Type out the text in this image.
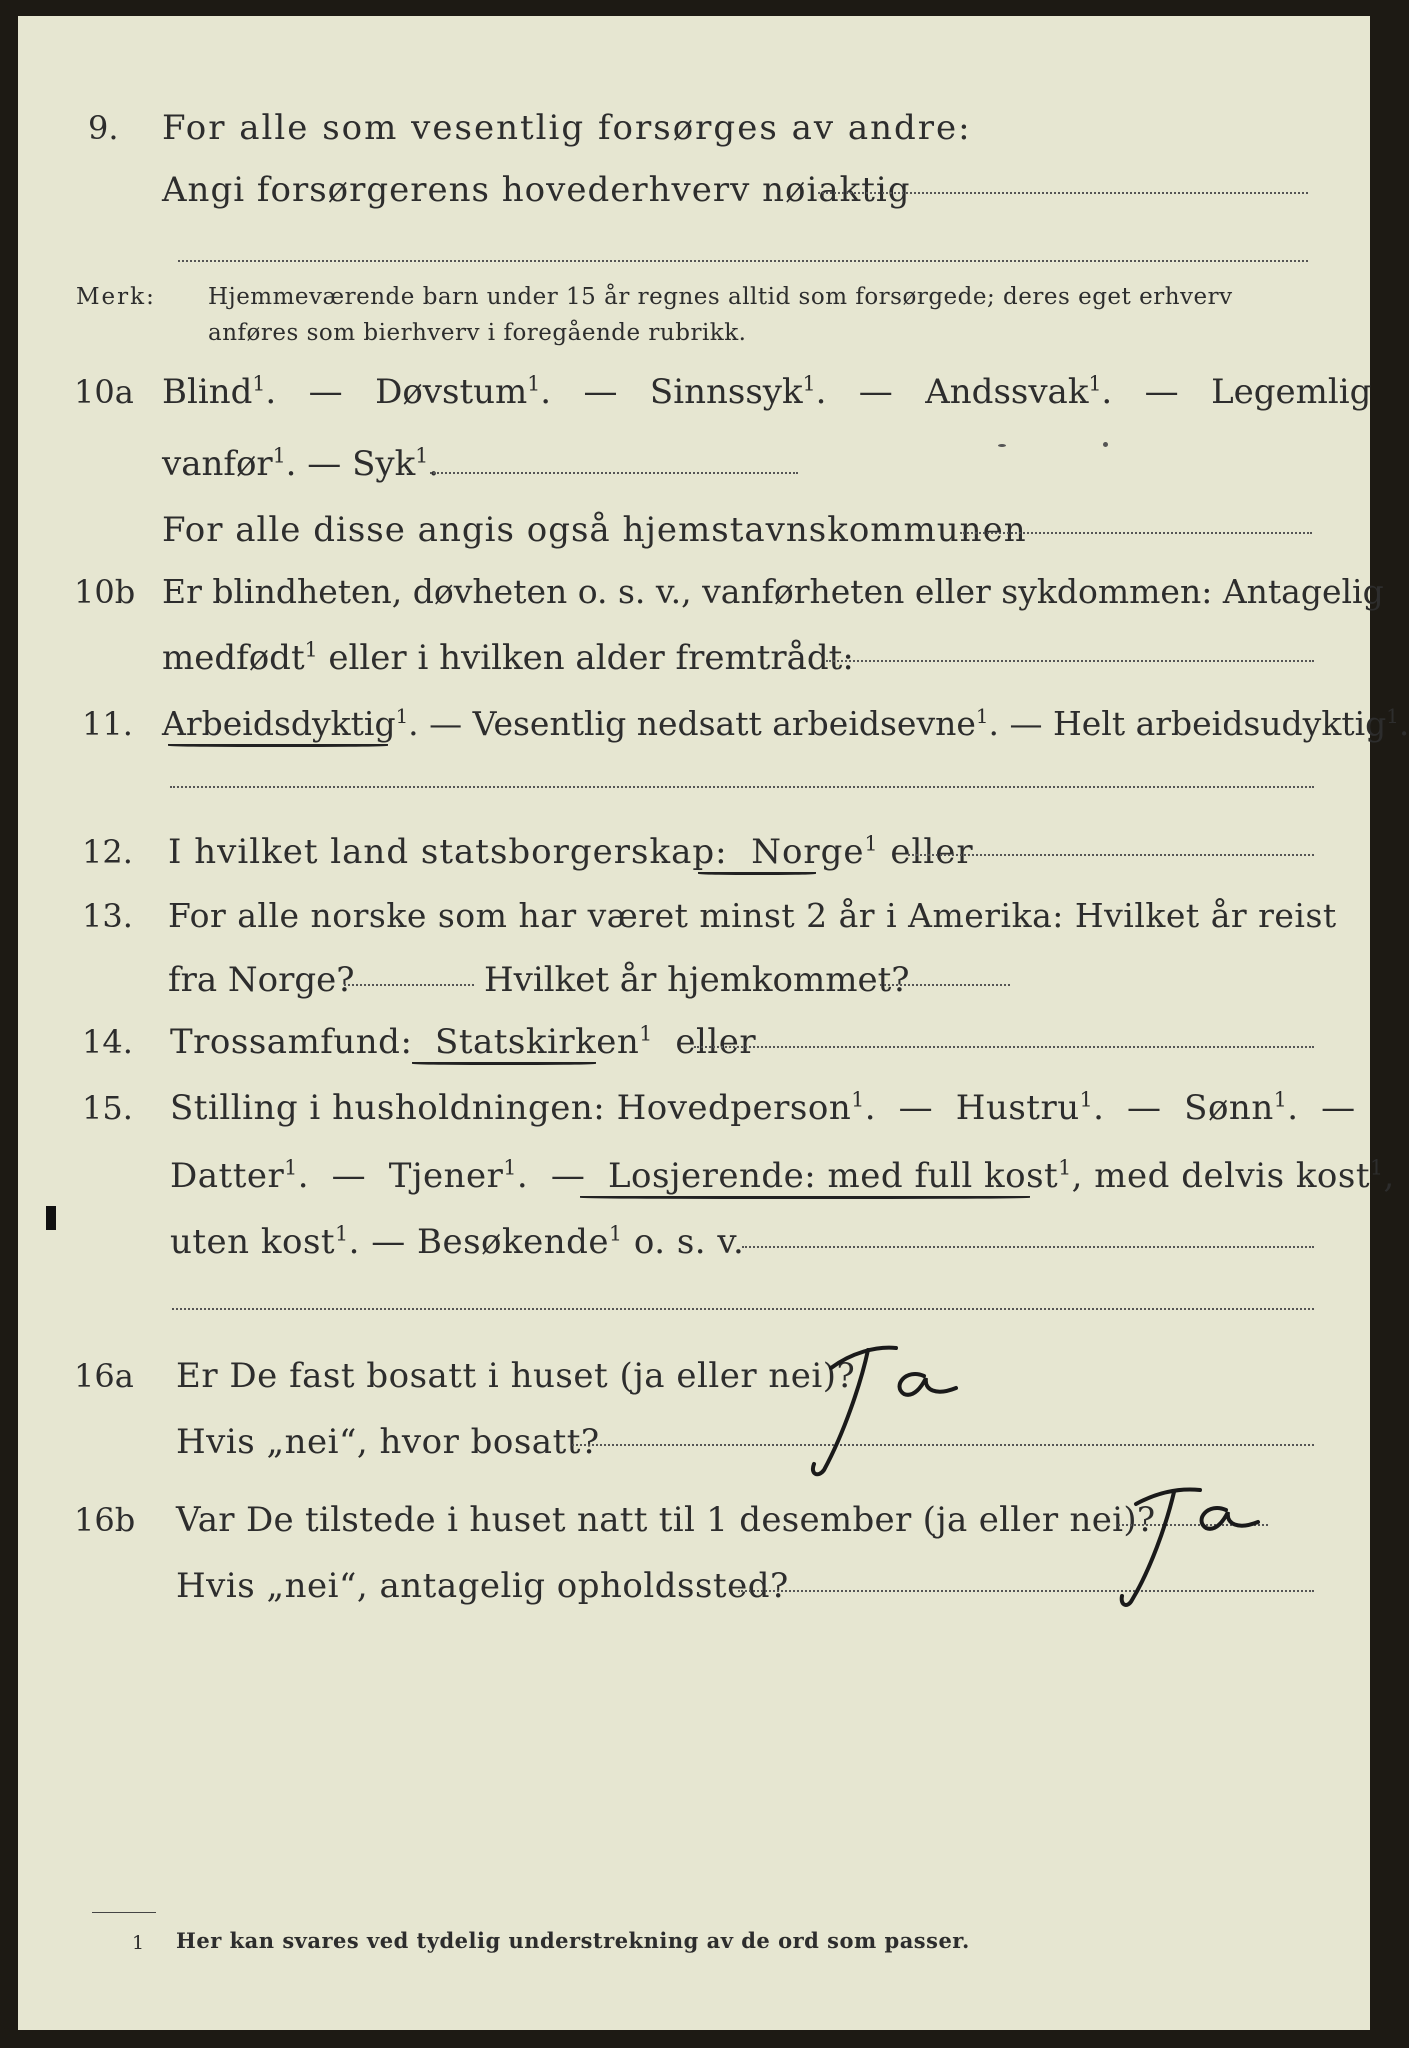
9. For alle som vesentlig forsørges av andre:
Angi forsørgerens hovederhverv nøiaktig
Merk: Hjemmeværende barn under 15 år regnes alltid som forsørgede; deres eget erhverv
anføres som bierhverv i foregående rubrikk.
10a Blind$^1$.   — Døvstum$^1$.   — Sinnssyk$^1$.   — Andssvak$^1$.   — Legemlig
vanfør$^1$. — Syk$^1$.
For alle disse angis også hjemstavnskommunen
10b Er blindheten, døvheten o. s. v., vanførheten eller sykdommen: Antagelig
medfødt$^1$ eller i hvilken alder fremtrådt:
11. Arbeidsdyktig$^1$. — Vesentlig nedsatt arbeidsevne$^1$. — Helt arbeidsudyktig$^1$.
12. I hvilket land statsborgerskap: Norge$^1$ eller
13. For alle norske som har været minst 2 år i Amerika: Hvilket år reist
fra Norge?	Hvilket år hjemkommet?
14. Trossamfund: Statskirken$^1$ eller
15. Stilling i husholdningen: Hovedperson$^1$.  — Hustru$^1$.  — Sønn$^1$.  —
Datter$^1$.  — Tjener$^1$.  — Losjerende: med full kost$^1$, med delvis kost$^1$,
uten kost$^1$. — Besøkende$^1$ o. s. v.
16a Er De fast bosatt i huset (ja eller nei)?
Hvis „nei“, hvor bosatt?
16b Var De tilstede i huset natt til 1 desember (ja eller nei)?
Hvis „nei“, antagelig opholdssted?
1 Her kan svares ved tydelig understrekning av de ord som passer.
